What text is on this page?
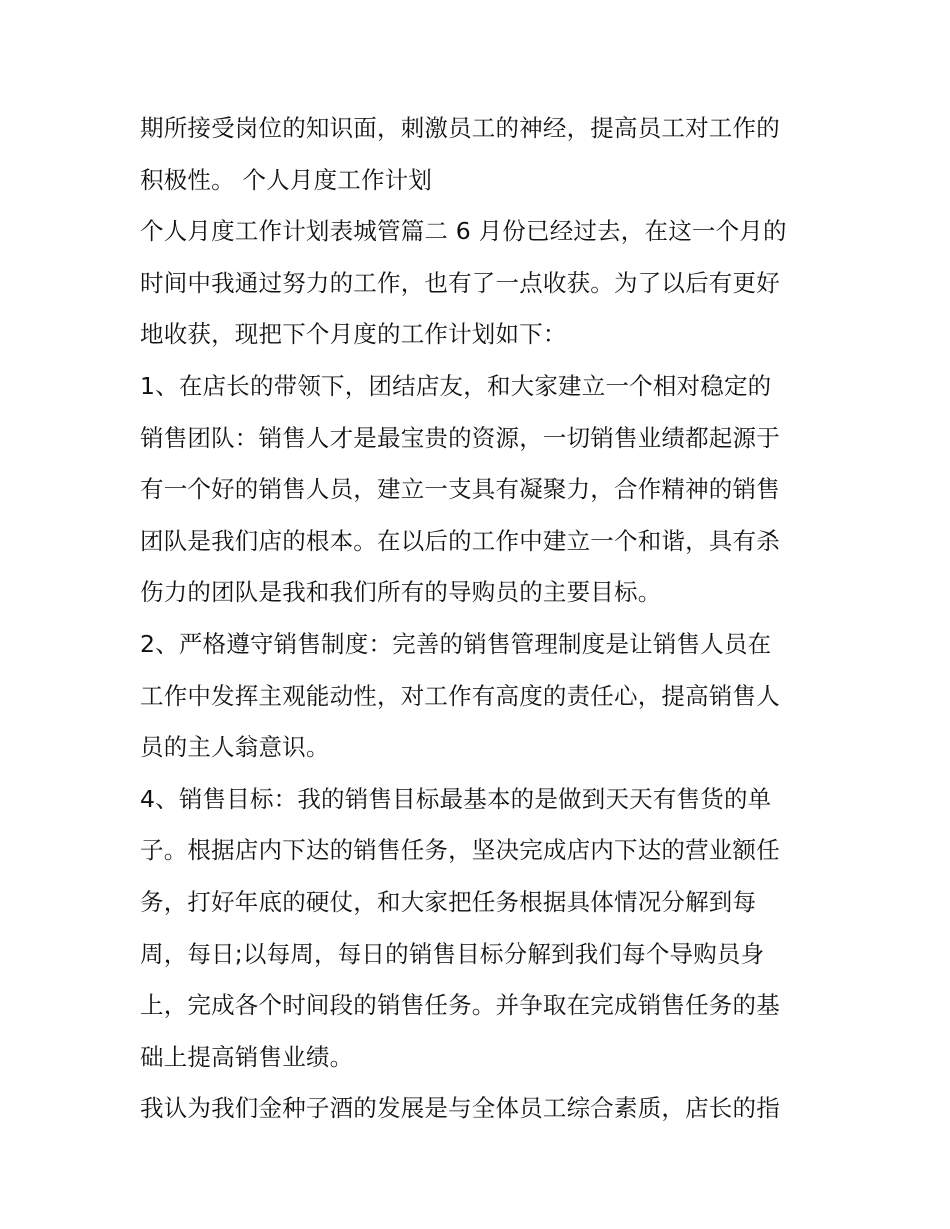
期所接受岗位的知识面，刺激员工的神经，提高员工对工作的
积极性。 个人月度工作计划
个人月度工作计划表城管篇二 6 月份已经过去，在这一个月的
时间中我通过努力的工作，也有了一点收获。为了以后有更好
地收获，现把下个月度的工作计划如下：
1、在店长的带领下，团结店友，和大家建立一个相对稳定的
销售团队：销售人才是最宝贵的资源，一切销售业绩都起源于
有一个好的销售人员，建立一支具有凝聚力，合作精神的销售
团队是我们店的根本。在以后的工作中建立一个和谐，具有杀
伤力的团队是我和我们所有的导购员的主要目标。
2、严格遵守销售制度：完善的销售管理制度是让销售人员在
工作中发挥主观能动性，对工作有高度的责任心，提高销售人
员的主人翁意识。
4、销售目标：我的销售目标最基本的是做到天天有售货的单
子。根据店内下达的销售任务，坚决完成店内下达的营业额任
务，打好年底的硬仗，和大家把任务根据具体情况分解到每
周，每日;以每周，每日的销售目标分解到我们每个导购员身
上，完成各个时间段的销售任务。并争取在完成销售任务的基
础上提高销售业绩。
我认为我们金种子酒的发展是与全体员工综合素质，店长的指
